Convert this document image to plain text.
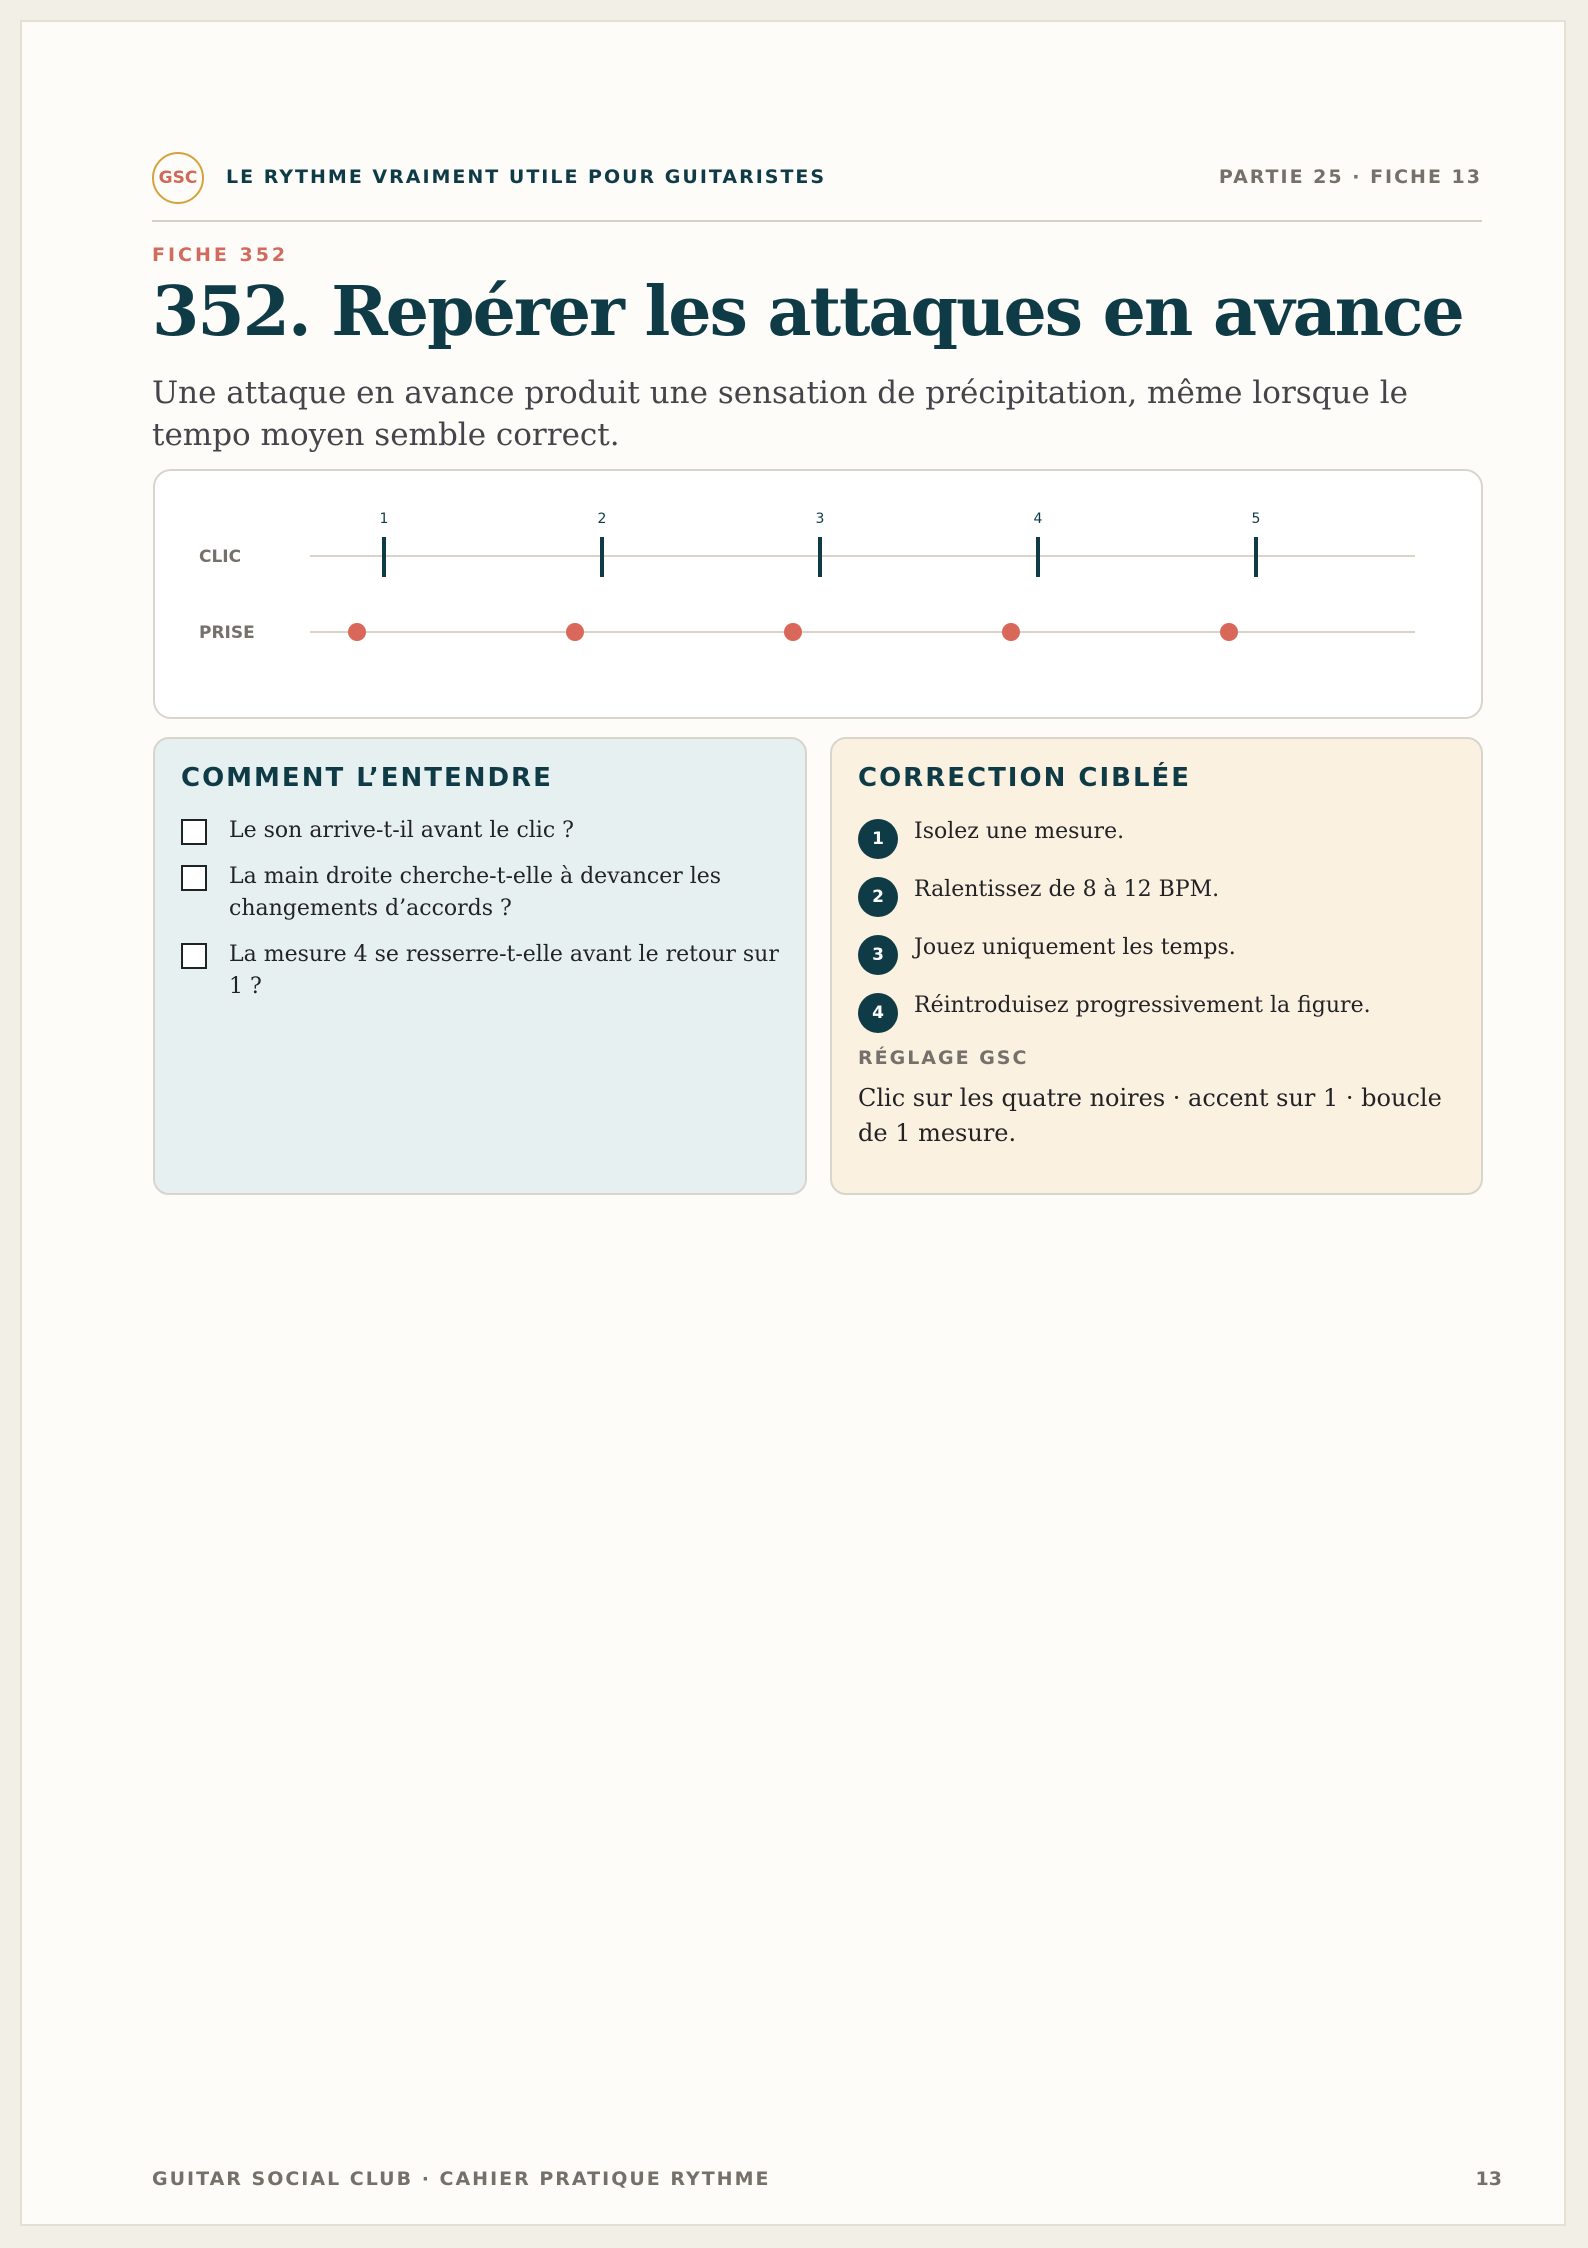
GSC	LE RYTHME VRAIMENT UTILE POUR GUITARISTES	PARTIE 25 · FICHE 13
FICHE 352
352. Repérer les attaques en avance
Une attaque en avance produit une sensation de précipitation, même lorsque le tempo moyen semble correct.
CLIC
PRISE
1	2	3	4	5
COMMENT L’ENTENDRE
Le son arrive-t-il avant le clic ?
La main droite cherche-t-elle à devancer les changements d’accords ?
La mesure 4 se resserre-t-elle avant le retour sur 1 ?
CORRECTION CIBLÉE
1	Isolez une mesure.
2	Ralentissez de 8 à 12 BPM.
3	Jouez uniquement les temps.
4	Réintroduisez progressivement la figure.
RÉGLAGE GSC
Clic sur les quatre noires · accent sur 1 · boucle de 1 mesure.
GUITAR SOCIAL CLUB · CAHIER PRATIQUE RYTHME	13
